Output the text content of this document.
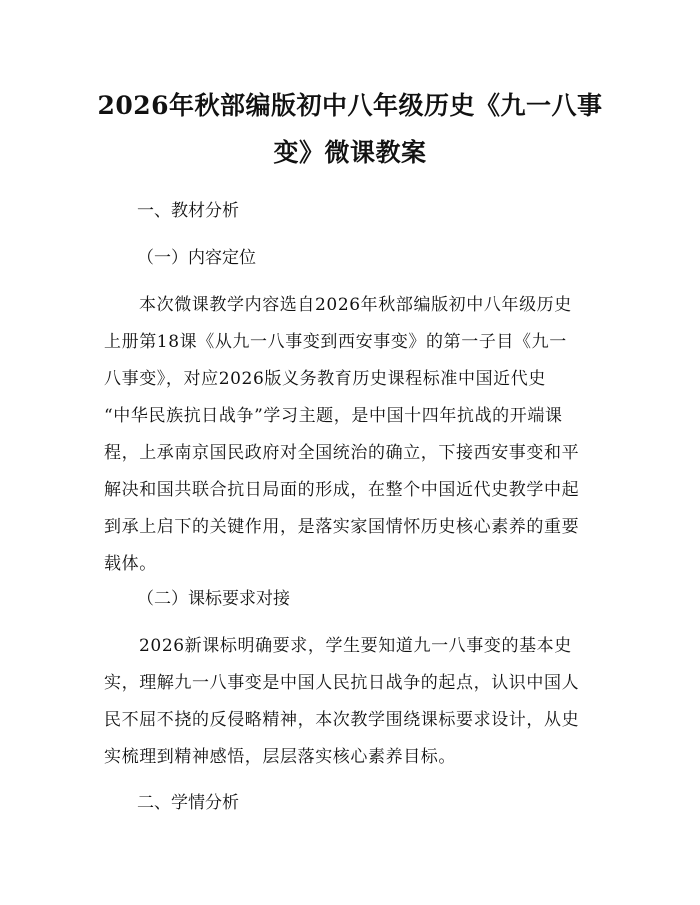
2026年秋部编版初中八年级历史《九一八事
变》微课教案
一、教材分析
（一）内容定位
本次微课教学内容选自2026年秋部编版初中八年级历史
上册第18课《从九一八事变到西安事变》的第一子目《九一
八事变》，对应2026版义务教育历史课程标准中国近代史
“中华民族抗日战争”学习主题，是中国十四年抗战的开端课
程，上承南京国民政府对全国统治的确立，下接西安事变和平
解决和国共联合抗日局面的形成，在整个中国近代史教学中起
到承上启下的关键作用，是落实家国情怀历史核心素养的重要
载体。
（二）课标要求对接
2026新课标明确要求，学生要知道九一八事变的基本史
实，理解九一八事变是中国人民抗日战争的起点，认识中国人
民不屈不挠的反侵略精神，本次教学围绕课标要求设计，从史
实梳理到精神感悟，层层落实核心素养目标。
二、学情分析
